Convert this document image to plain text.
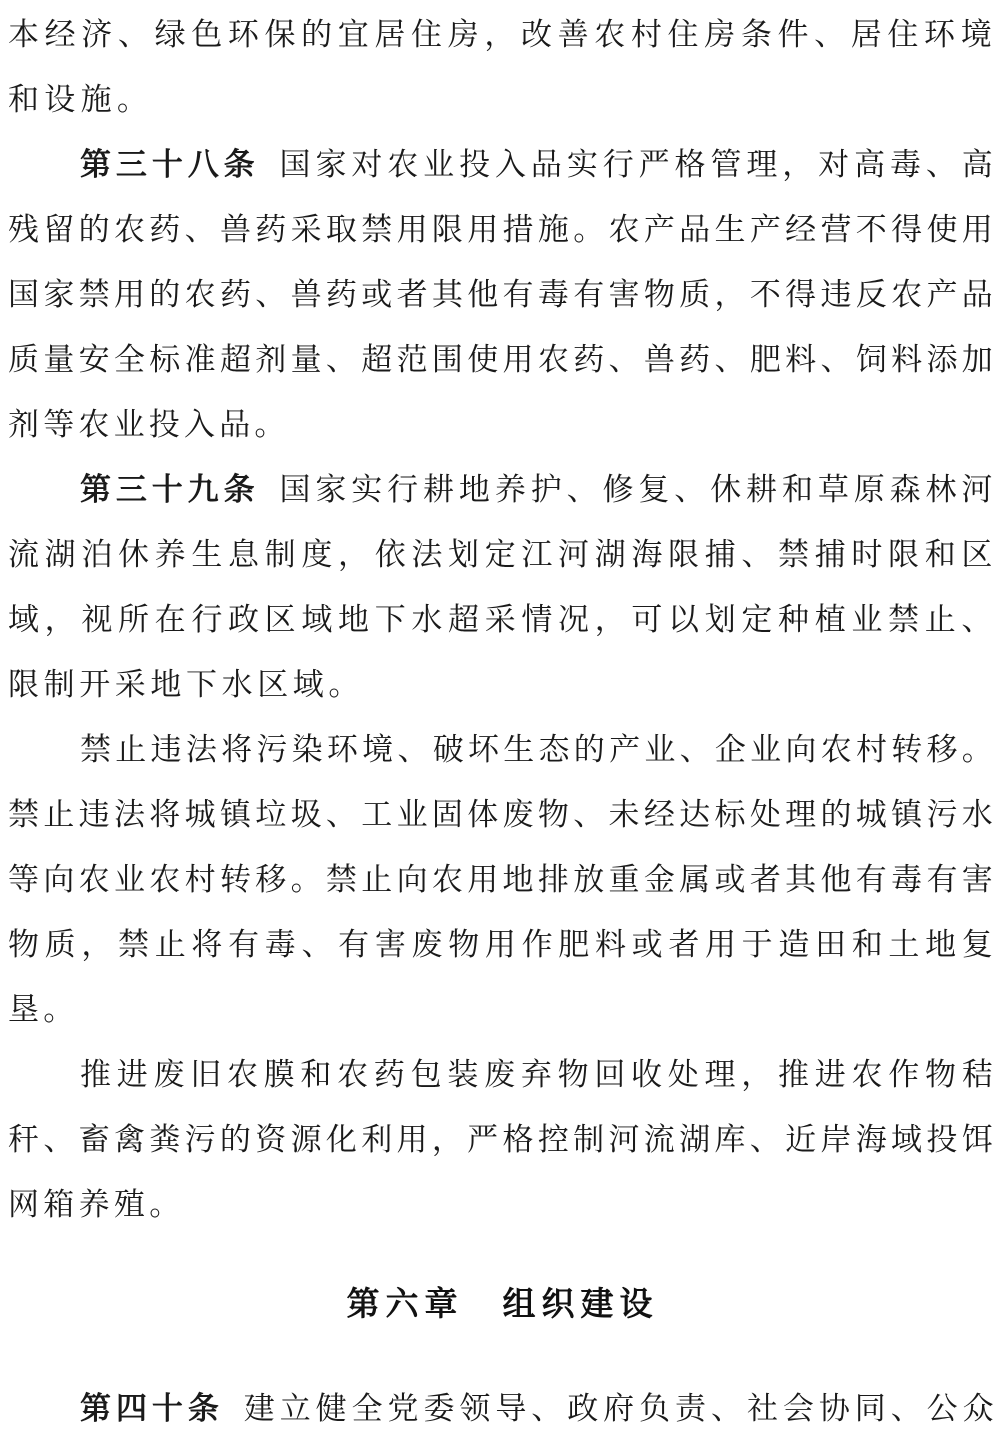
本经济、绿色环保的宜居住房，改善农村住房条件、居住环境和设施。

第三十八条 国家对农业投入品实行严格管理，对高毒、高残留的农药、兽药采取禁用限用措施。农产品生产经营不得使用国家禁用的农药、兽药或者其他有毒有害物质，不得违反农产品质量安全标准超剂量、超范围使用农药、兽药、肥料、饲料添加剂等农业投入品。

第三十九条 国家实行耕地养护、修复、休耕和草原森林河流湖泊休养生息制度，依法划定江河湖海限捕、禁捕时限和区域，视所在行政区域地下水超采情况，可以划定种植业禁止、限制开采地下水区域。

禁止违法将污染环境、破坏生态的产业、企业向农村转移。禁止违法将城镇垃圾、工业固体废物、未经达标处理的城镇污水等向农业农村转移。禁止向农用地排放重金属或者其他有毒有害物质，禁止将有毒、有害废物用作肥料或者用于造田和土地复垦。

推进废旧农膜和农药包装废弃物回收处理，推进农作物秸秆、畜禽粪污的资源化利用，严格控制河流湖库、近岸海域投饵网箱养殖。

第六章　组织建设

第四十条 建立健全党委领导、政府负责、社会协同、公众
